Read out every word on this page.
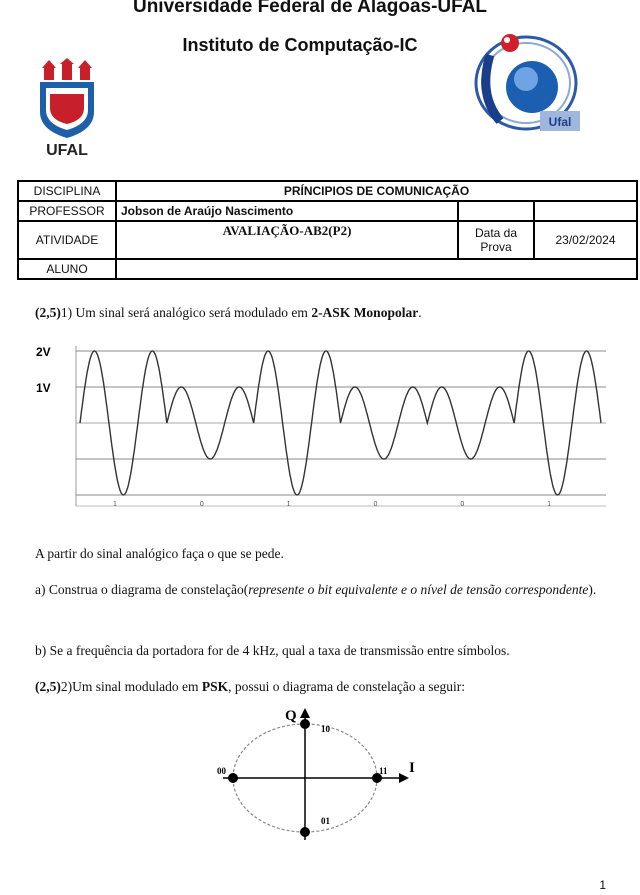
Universidade Federal de Alagoas-UFAL
Instituto de Computação-IC
UFAL
Ufal
DISCIPLINA	PRÍNCIPIOS DE COMUNICAÇÃO		
PROFESSOR	Jobson de Araújo Nascimento		
ATIVIDADE	AVALIAÇÃO-AB2(P2)	Data da Prova	23/02/2024
ALUNO			
(2,5)1) Um sinal será analógico será modulado em 2-ASK Monopolar.
2V
1V
1	0	1	0	0	1
A partir do sinal analógico faça o que se pede.
a) Construa o diagrama de constelação(represente o bit equivalente e o nível de tensão correspondente).
b) Se a frequência da portadora for de 4 kHz, qual a taxa de transmissão entre símbolos.
(2,5)2)Um sinal modulado em PSK, possui o diagrama de constelação a seguir:
Q
I
10
00	11
01
1
